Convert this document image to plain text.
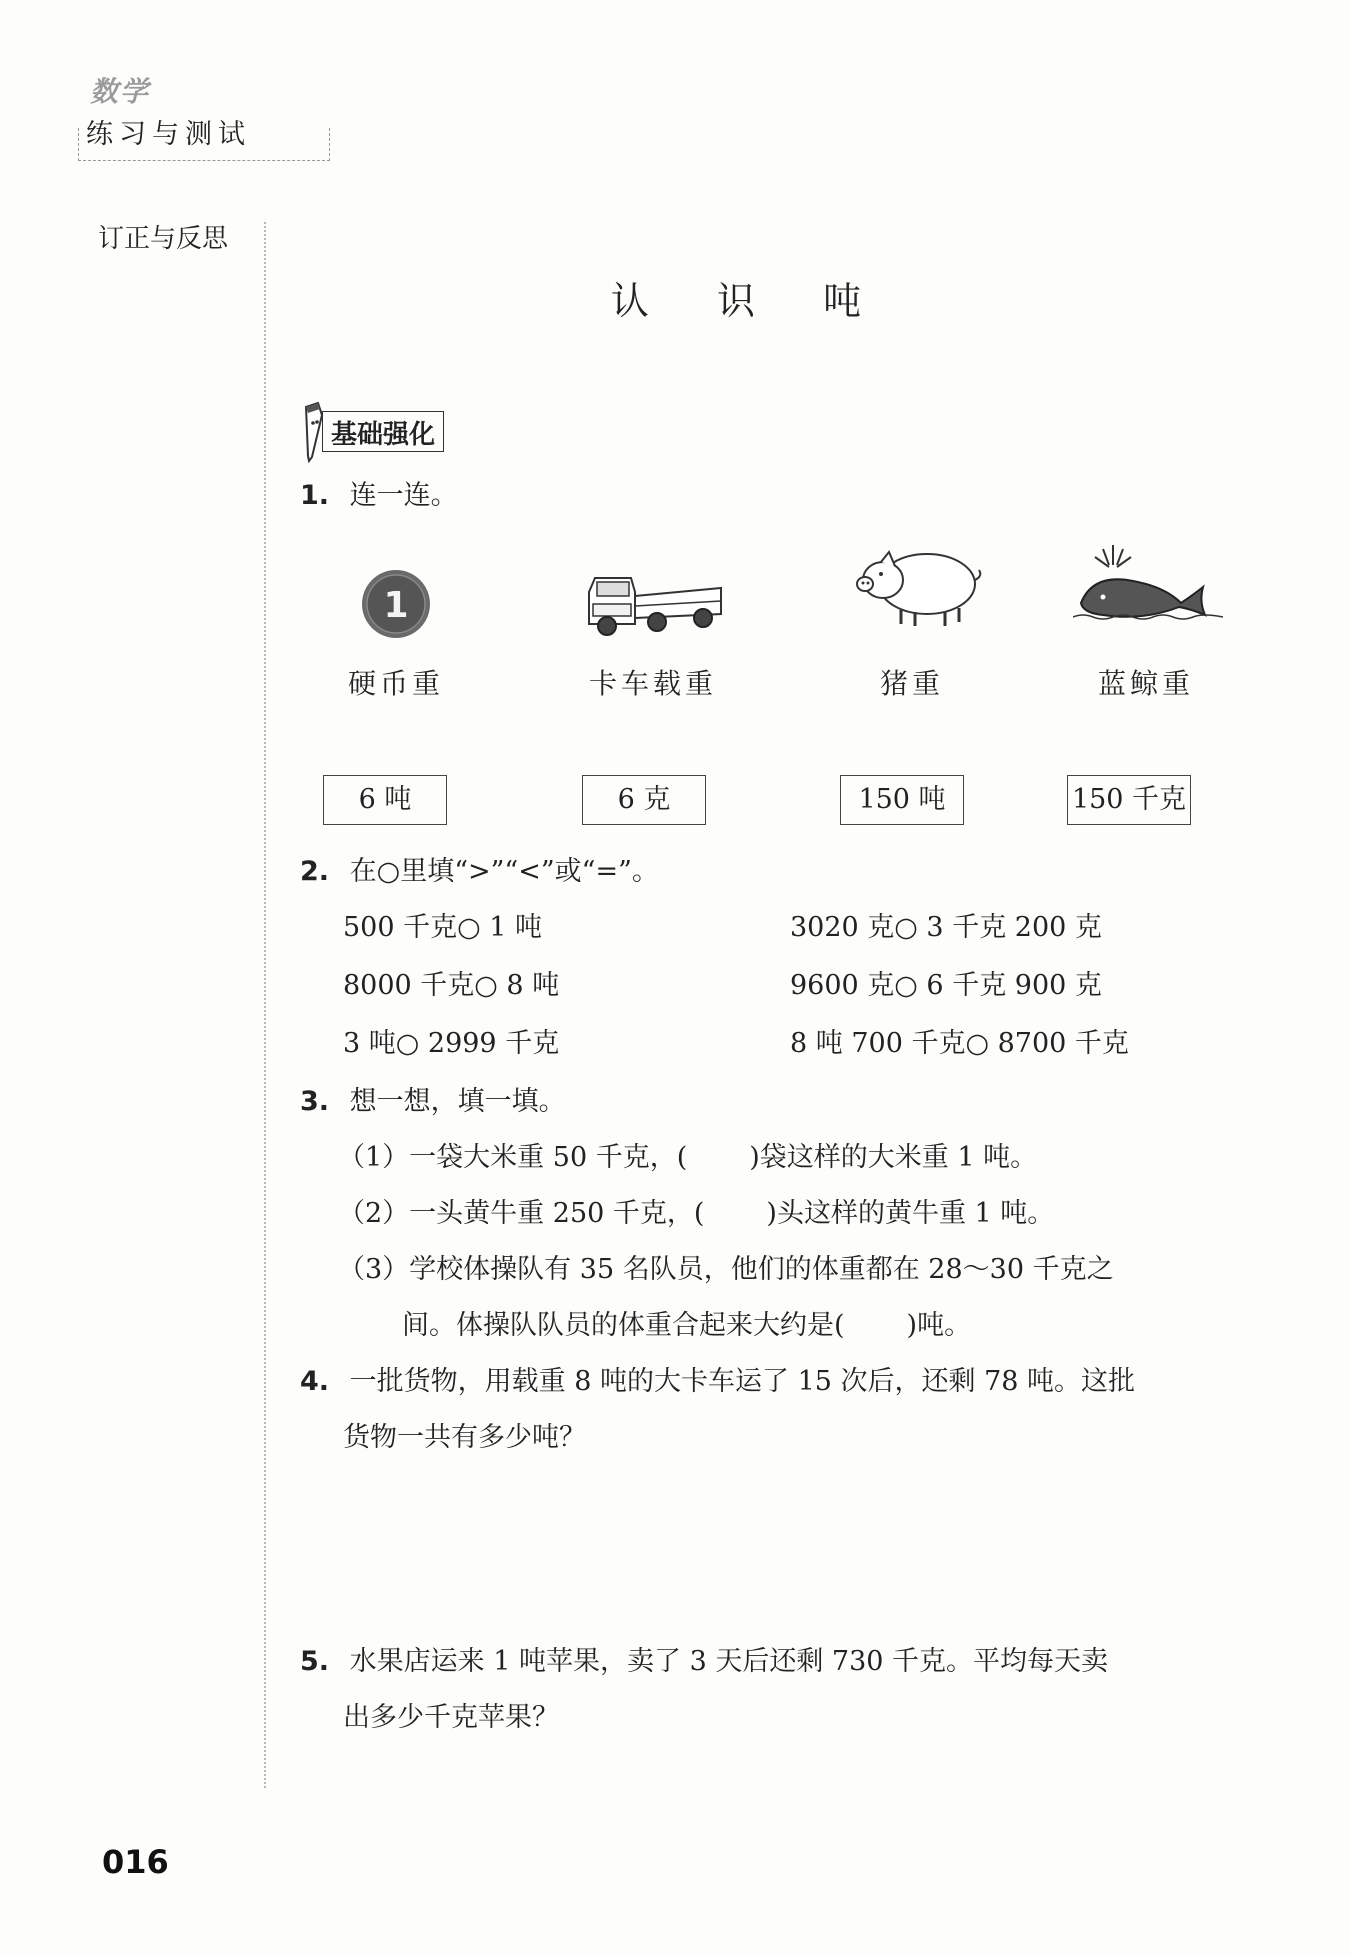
数学
练习与测试
订正与反思
认 识 吨
基础强化
1. 连一连。
1
硬币重	卡车载重	猪重	蓝鲸重
6 吨	6 克	150 吨	150 千克
2. 在○里填“>”“<”或“=”。
500 千克○ 1 吨	3020 克○ 3 千克 200 克
8000 千克○ 8 吨	9600 克○ 6 千克 900 克
3 吨○ 2999 千克	8 吨 700 千克○ 8700 千克
3. 想一想，填一填。
（1）一袋大米重 50 千克，( )袋这样的大米重 1 吨。
（2）一头黄牛重 250 千克，( )头这样的黄牛重 1 吨。
（3）学校体操队有 35 名队员，他们的体重都在 28～30 千克之
间。体操队队员的体重合起来大约是( )吨。
4. 一批货物，用载重 8 吨的大卡车运了 15 次后，还剩 78 吨。这批
货物一共有多少吨？
5. 水果店运来 1 吨苹果，卖了 3 天后还剩 730 千克。平均每天卖
出多少千克苹果？
016
